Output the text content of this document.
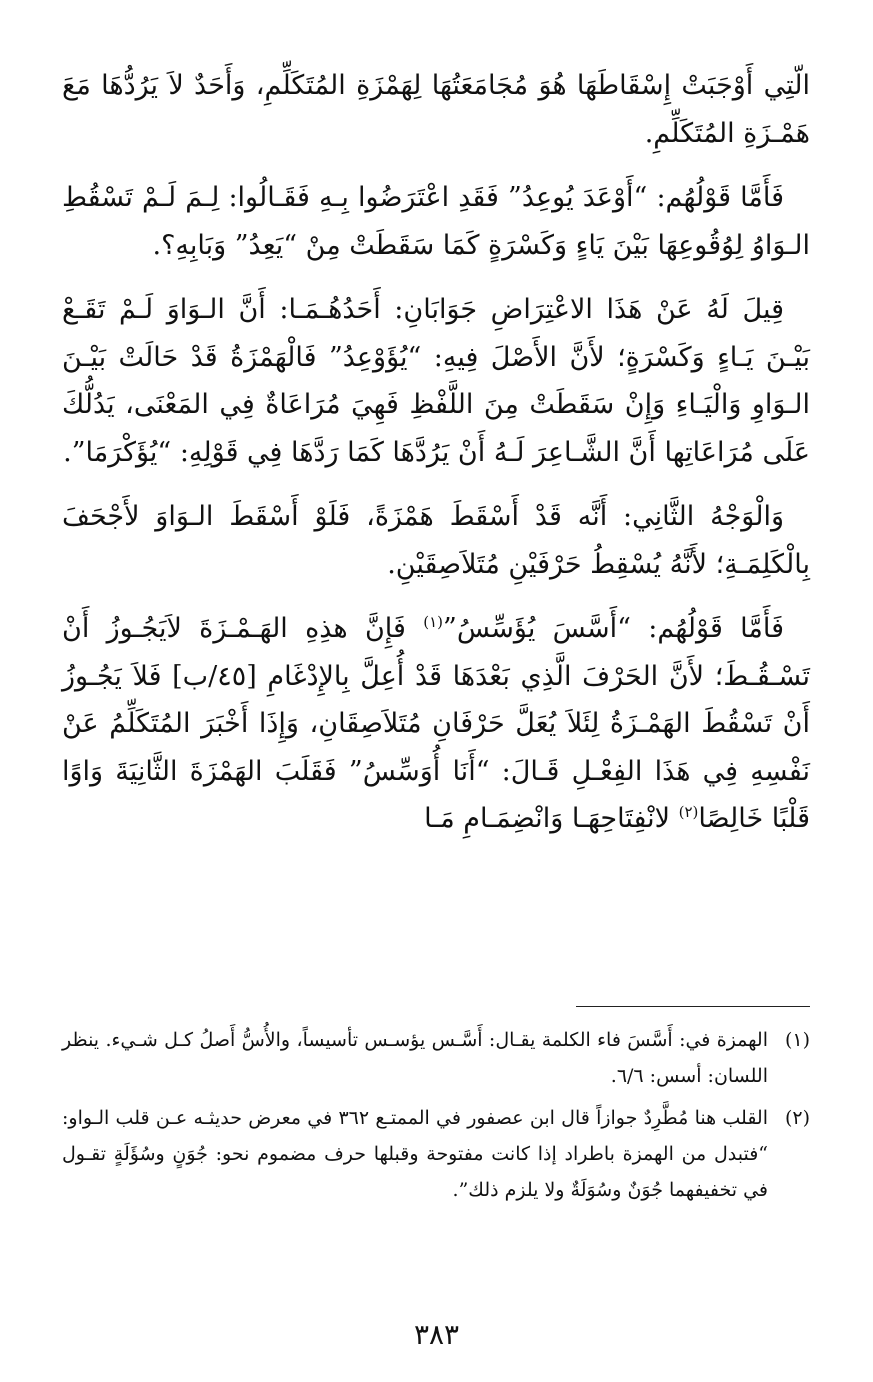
الّتِي أَوْجَبَتْ إِسْقَاطَهَا هُوَ مُجَامَعَتُهَا لِهَمْزَةِ المُتَكَلِّمِ، وَأَحَدٌ لاَ يَرُدُّهَا مَعَ هَمْـزَةِ المُتَكَلِّمِ.

فَأَمَّا قَوْلُهُم: “أَوْعَدَ يُوعِدُ” فَقَدِ اعْتَرَضُوا بِـهِ فَقَـالُوا: لِـمَ لَـمْ تَسْقُطِ الـوَاوُ لِوُقُوعِهَا بَيْنَ يَاءٍ وَكَسْرَةٍ كَمَا سَقَطَتْ مِنْ “يَعِدُ” وَبَابِهِ؟.

قِيلَ لَهُ عَنْ هَذَا الاعْتِرَاضِ جَوَابَانِ: أَحَدُهُـمَـا: أَنَّ الـوَاوَ لَـمْ تَقَـعْ بَيْـنَ يَـاءٍ وَكَسْرَةٍ؛ لأَنَّ الأَصْلَ فِيهِ: “يُؤَوْعِدُ” فَالْهَمْزَةُ قَدْ حَالَتْ بَيْـنَ الـوَاوِ وَالْيَـاءِ وَإِنْ سَقَطَتْ مِنَ اللَّفْظِ فَهِيَ مُرَاعَاةٌ فِي المَعْنَى، يَدُلُّكَ عَلَى مُرَاعَاتِها أَنَّ الشَّـاعِرَ لَـهُ أَنْ يَرُدَّهَا كَمَا رَدَّهَا فِي قَوْلِهِ: “يُؤَكْرَمَا”.

وَالْوَجْهُ الثَّانِي: أَنَّه قَدْ أَسْقَطَ هَمْزَةً، فَلَوْ أَسْقَطَ الـوَاوَ لأَجْحَفَ بِالْكَلِمَـةِ؛ لأَنَّهُ يُسْقِطُ حَرْفَيْنِ مُتَلاَصِقَيْنِ.

فَأَمَّا قَوْلُهُم: “أَسَّسَ يُؤَسِّسُ”$^{(١)}$ فَإِنَّ هذِهِ الهَـمْـزَةَ لاَيَجُـوزُ أَنْ تَسْـقُـطَ؛ لأَنَّ الحَرْفَ الَّذِي بَعْدَهَا قَدْ أُعِلَّ بِالإِدْغَامِ [٤٥/ب] فَلاَ يَجُـوزُ أَنْ تَسْقُطَ الهَمْـزَةُ لِئَلاَ يُعَلَّ حَرْفَانِ مُتَلاَصِقَانِ، وَإِذَا أَخْبَرَ المُتَكَلِّمُ عَنْ نَفْسِهِ فِي هَذَا الفِعْـلِ قَـالَ: “أَنَا أُوَسِّسُ” فَقَلَبَ الهَمْزَةَ الثَّانِيَةَ وَاوًا قَلْبًا خَالِصًا$^{(٢)}$ لانْفِتَاحِهَـا وَانْضِمَـامِ مَـا

(١)
الهمزة في: أَسَّسَ فاء الكلمة يقـال: أَسَّـس يؤسـس تأسيساً، والأُسُّ أَصلُ كـل شـيء. ينظر اللسان: أسس: ٦/٦.

(٢)
القلب هنا مُطَّرِدٌ جوازاً قال ابن عصفور في الممتـع ٣٦٢ في معرض حديثـه عـن قلب الـواو: “فتبدل من الهمزة باطراد إذا كانت مفتوحة وقبلها حرف مضموم نحو: جُوَنٍ وسُؤَلَةٍ تقـول في تخفيفهما جُوَنٌ وسُوَلَةٌ ولا يلزم ذلك”.

٣٨٣
